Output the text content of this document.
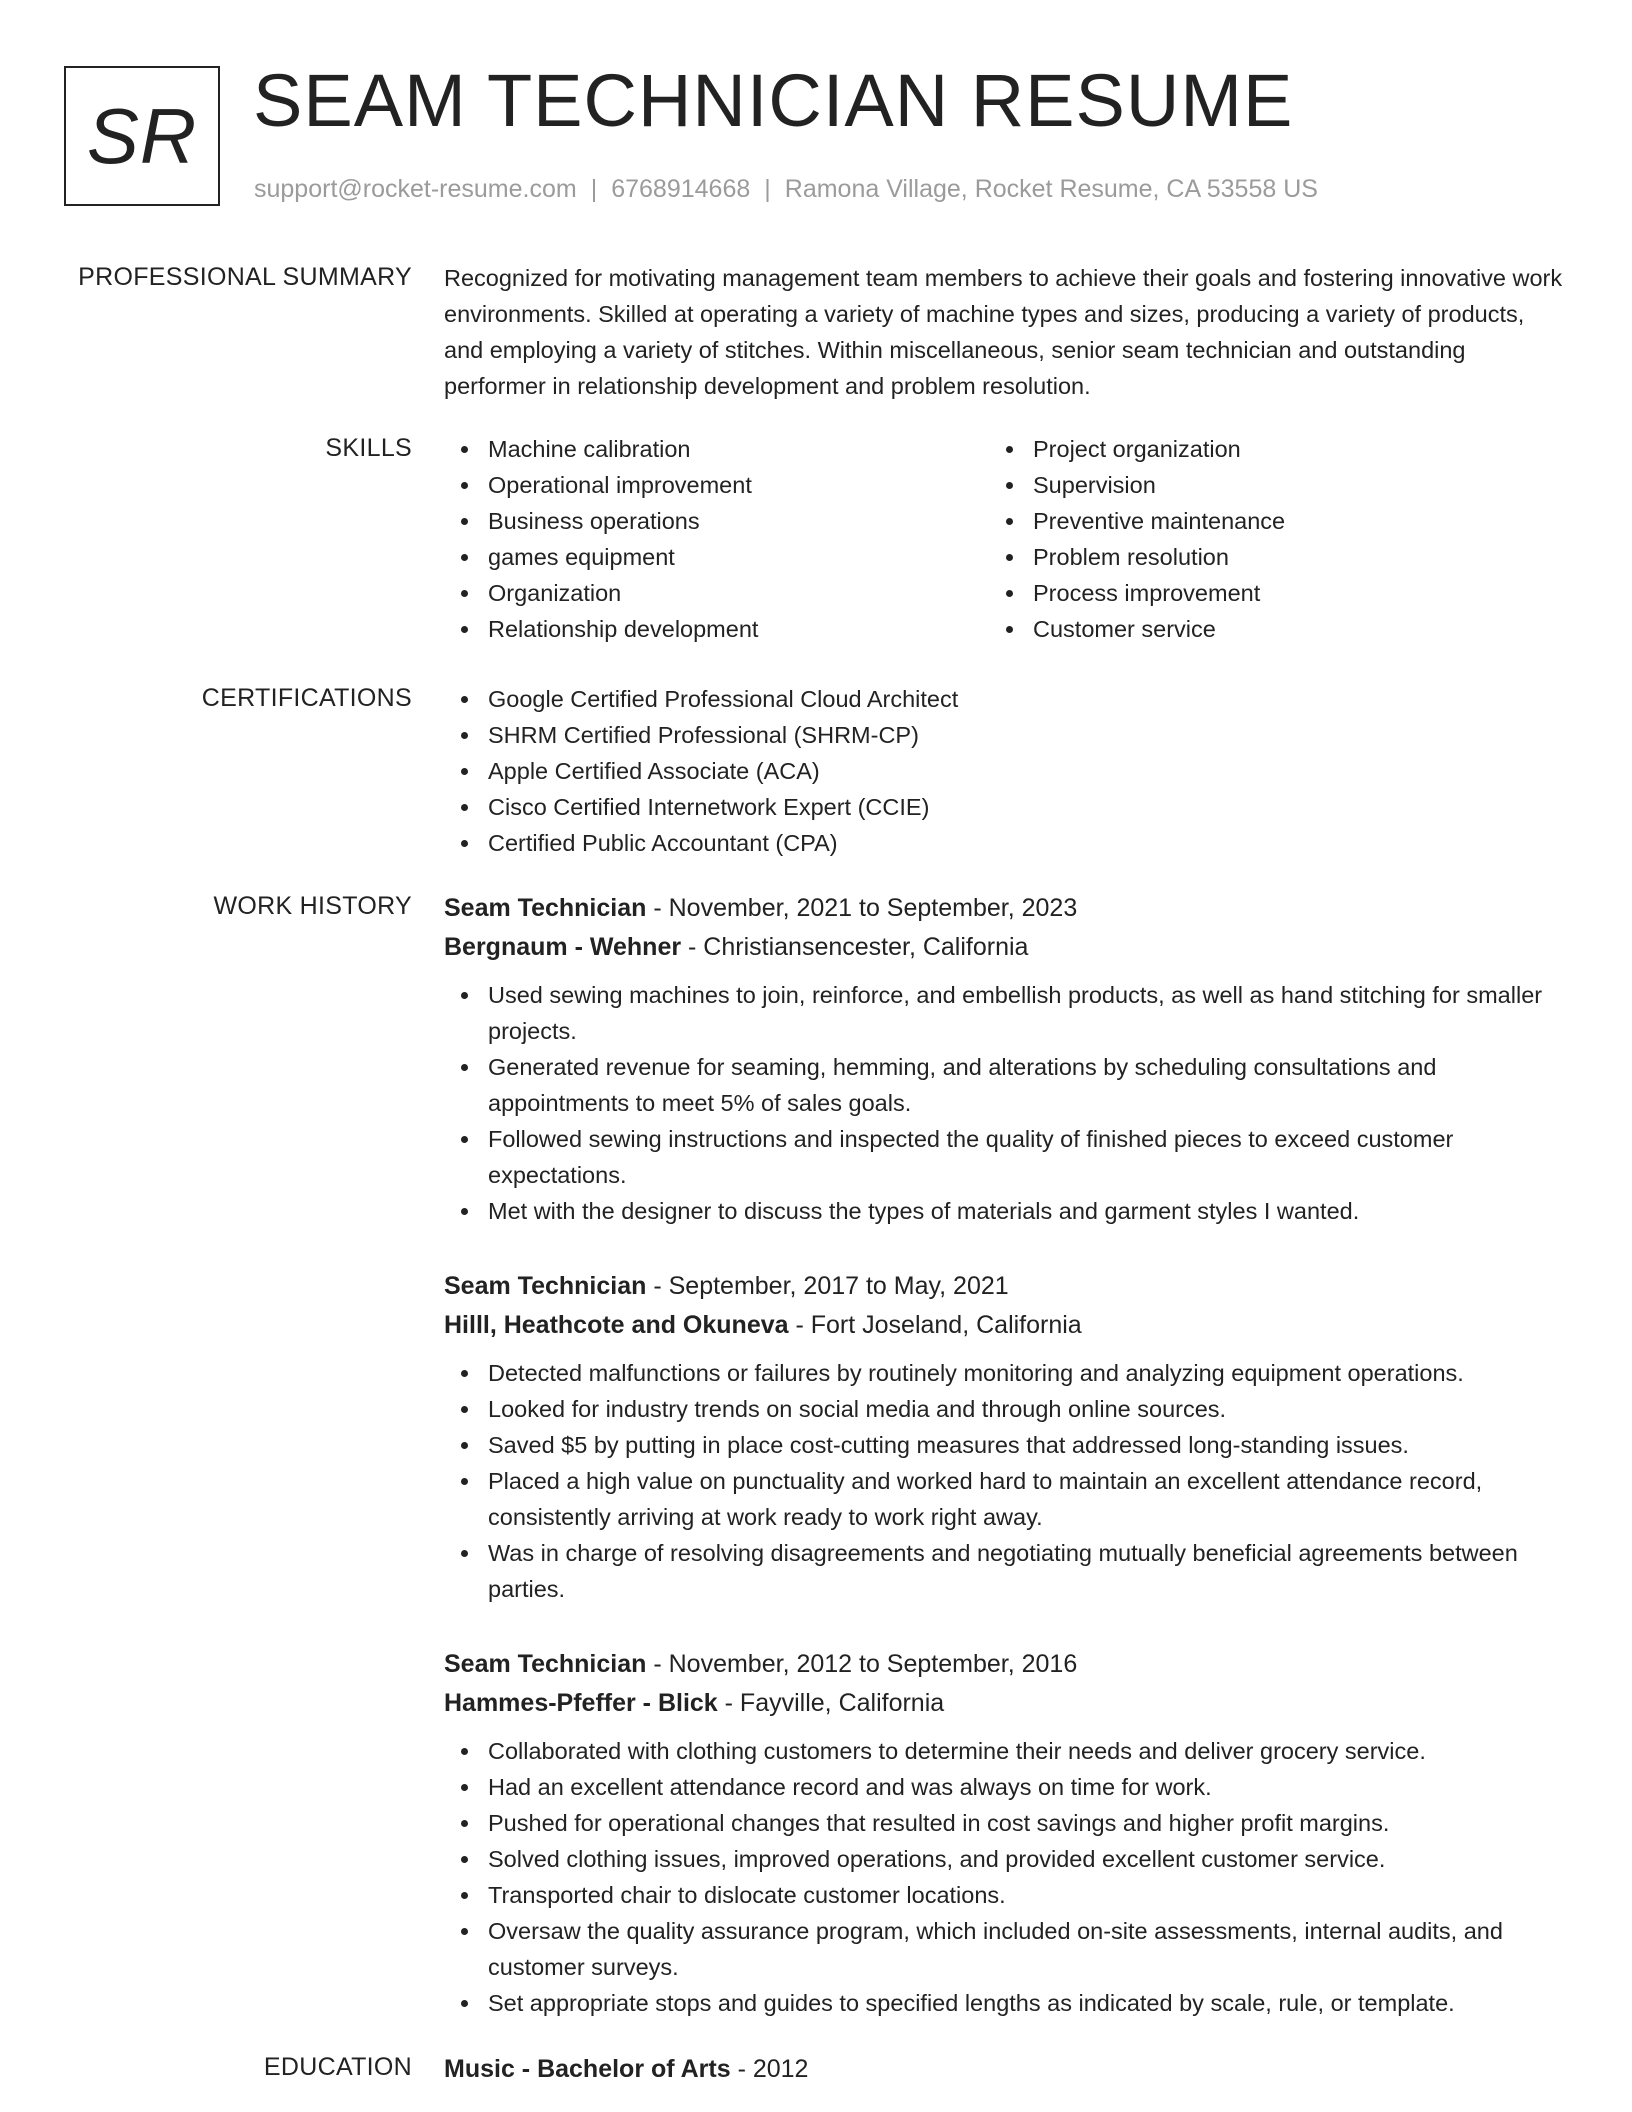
SR SEAM TECHNICIAN RESUME
support@rocket-resume.com | 6768914668 | Ramona Village, Rocket Resume, CA 53558 US
PROFESSIONAL SUMMARY Recognized for motivating management team members to achieve their goals and fostering innovative work environments. Skilled at operating a variety of machine types and sizes, producing a variety of products, and employing a variety of stitches. Within miscellaneous, senior seam technician and outstanding performer in relationship development and problem resolution.

SKILLS	Machine calibration
Operational improvement
Business operations
games equipment
Organization
Relationship development
Project organization
Supervision
Preventive maintenance
Problem resolution
Process improvement
Customer service
CERTIFICATIONS	Google Certified Professional Cloud Architect
SHRM Certified Professional (SHRM-CP)
Apple Certified Associate (ACA)
Cisco Certified Internetwork Expert (CCIE)
Certified Public Accountant (CPA)
WORK HISTORY Seam Technician - November, 2021 to September, 2023
Bergnaum - Wehner - Christiansencester, California
Used sewing machines to join, reinforce, and embellish products, as well as hand stitching for smaller projects.
Generated revenue for seaming, hemming, and alterations by scheduling consultations and appointments to meet 5% of sales goals.
Followed sewing instructions and inspected the quality of finished pieces to exceed customer expectations.
Met with the designer to discuss the types of materials and garment styles I wanted.
Seam Technician - September, 2017 to May, 2021
Hilll, Heathcote and Okuneva - Fort Joseland, California
Detected malfunctions or failures by routinely monitoring and analyzing equipment operations.
Looked for industry trends on social media and through online sources.
Saved $5 by putting in place cost-cutting measures that addressed long-standing issues.
Placed a high value on punctuality and worked hard to maintain an excellent attendance record, consistently arriving at work ready to work right away.
Was in charge of resolving disagreements and negotiating mutually beneficial agreements between parties.
Seam Technician - November, 2012 to September, 2016
Hammes-Pfeffer - Blick - Fayville, California
Collaborated with clothing customers to determine their needs and deliver grocery service.
Had an excellent attendance record and was always on time for work.
Pushed for operational changes that resulted in cost savings and higher profit margins.
Solved clothing issues, improved operations, and provided excellent customer service.
Transported chair to dislocate customer locations.
Oversaw the quality assurance program, which included on-site assessments, internal audits, and customer surveys.
Set appropriate stops and guides to specified lengths as indicated by scale, rule, or template.
EDUCATION Music - Bachelor of Arts - 2012
